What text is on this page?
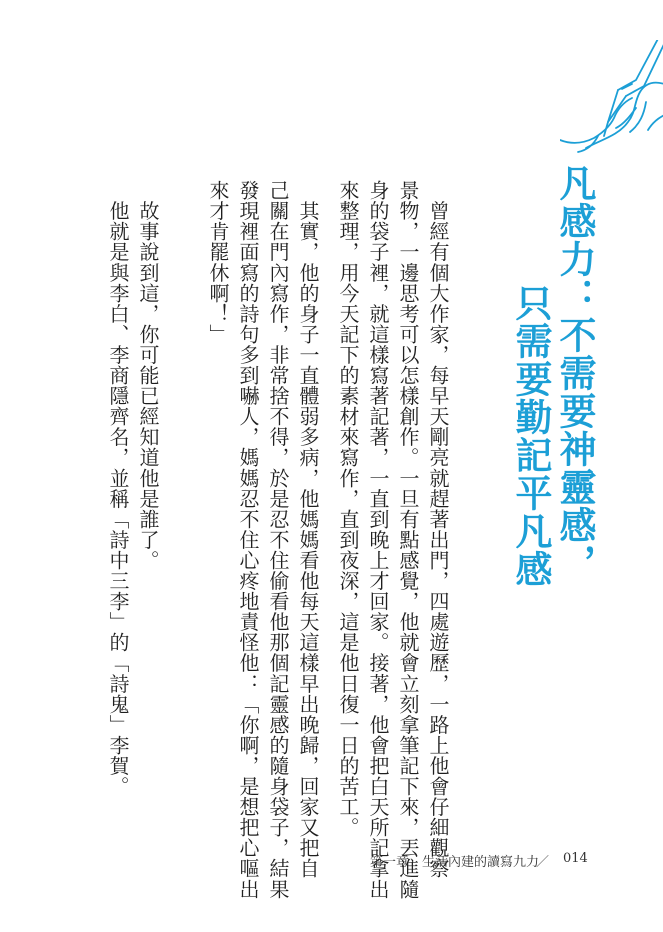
凡感力：不需要神靈感，

只需要勤記平凡感

　曾經有個大作家，每早天剛亮就趕著出門，四處遊歷，一路上他會仔細觀察

景物，一邊思考可以怎樣創作。一旦有點感覺，他就會立刻拿筆記下來，丟進隨

身的袋子裡，就這樣寫著記著，一直到晚上才回家。接著，他會把白天所記拿出

來整理，用今天記下的素材來寫作，直到夜深，這是他日復一日的苦工。

　其實，他的身子一直體弱多病，他媽媽看他每天這樣早出晚歸，回家又把自

己關在門內寫作，非常捨不得，於是忍不住偷看他那個記靈感的隨身袋子，結果

發現裡面寫的詩句多到嚇人，媽媽忍不住心疼地責怪他：「你啊，是想把心嘔出

來才肯罷休啊！」

　故事說到這，你可能已經知道他是誰了。

　他就是與李白、李商隱齊名，並稱「詩中三李」的「詩鬼」李賀。

第一章　生活內建的讀寫九力
／ 014
